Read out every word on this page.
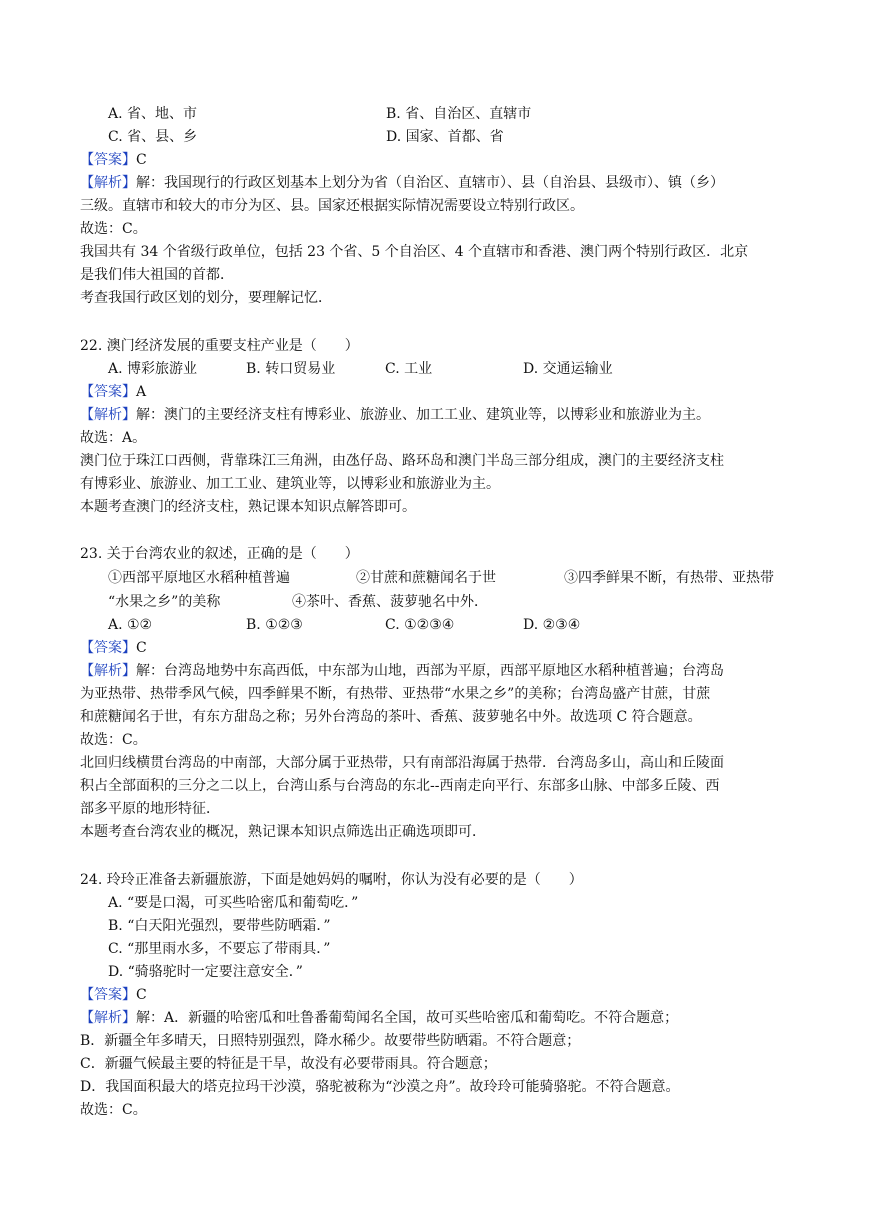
A. 省、地、市	B. 省、自治区、直辖市
C. 省、县、乡	D. 国家、首都、省
【答案】C
【解析】解：我国现行的行政区划基本上划分为省（自治区、直辖市）、县（自治县、县级市）、镇（乡）
三级。直辖市和较大的市分为区、县。国家还根据实际情况需要设立特别行政区。
故选：C。
我国共有 34 个省级行政单位，包括 23 个省、5 个自治区、4 个直辖市和香港、澳门两个特别行政区．北京
是我们伟大祖国的首都．
考查我国行政区划的划分，要理解记忆．
22. 澳门经济发展的重要支柱产业是（　　）
A. 博彩旅游业	B. 转口贸易业	C. 工业	D. 交通运输业
【答案】A
【解析】解：澳门的主要经济支柱有博彩业、旅游业、加工工业、建筑业等，以博彩业和旅游业为主。
故选：A。
澳门位于珠江口西侧，背靠珠江三角洲，由氹仔岛、路环岛和澳门半岛三部分组成，澳门的主要经济支柱
有博彩业、旅游业、加工工业、建筑业等，以博彩业和旅游业为主。
本题考查澳门的经济支柱，熟记课本知识点解答即可。
23. 关于台湾农业的叙述，正确的是（　　）
①西部平原地区水稻种植普遍	②甘蔗和蔗糖闻名于世	③四季鲜果不断，有热带、亚热带
“水果之乡”的美称	④茶叶、香蕉、菠萝驰名中外．
A. ①②	B. ①②③	C. ①②③④	D. ②③④
【答案】C
【解析】解：台湾岛地势中东高西低，中东部为山地，西部为平原，西部平原地区水稻种植普遍；台湾岛
为亚热带、热带季风气候，四季鲜果不断，有热带、亚热带“水果之乡”的美称；台湾岛盛产甘蔗，甘蔗
和蔗糖闻名于世，有东方甜岛之称；另外台湾岛的茶叶、香蕉、菠萝驰名中外。故选项 C 符合题意。
故选：C。
北回归线横贯台湾岛的中南部，大部分属于亚热带，只有南部沿海属于热带．台湾岛多山，高山和丘陵面
积占全部面积的三分之二以上，台湾山系与台湾岛的东北--西南走向平行、东部多山脉、中部多丘陵、西
部多平原的地形特征．
本题考查台湾农业的概况，熟记课本知识点筛选出正确选项即可．
24. 玲玲正准备去新疆旅游，下面是她妈妈的嘱咐，你认为没有必要的是（　　）
A. “要是口渴，可买些哈密瓜和葡萄吃．”
B. “白天阳光强烈，要带些防晒霜．”
C. “那里雨水多，不要忘了带雨具．”
D. “骑骆驼时一定要注意安全．”
【答案】C
【解析】解：A．新疆的哈密瓜和吐鲁番葡萄闻名全国，故可买些哈密瓜和葡萄吃。不符合题意；
B．新疆全年多晴天，日照特别强烈，降水稀少。故要带些防晒霜。不符合题意；
C．新疆气候最主要的特征是干旱，故没有必要带雨具。符合题意；
D．我国面积最大的塔克拉玛干沙漠，骆驼被称为“沙漠之舟”。故玲玲可能骑骆驼。不符合题意。
故选：C。
